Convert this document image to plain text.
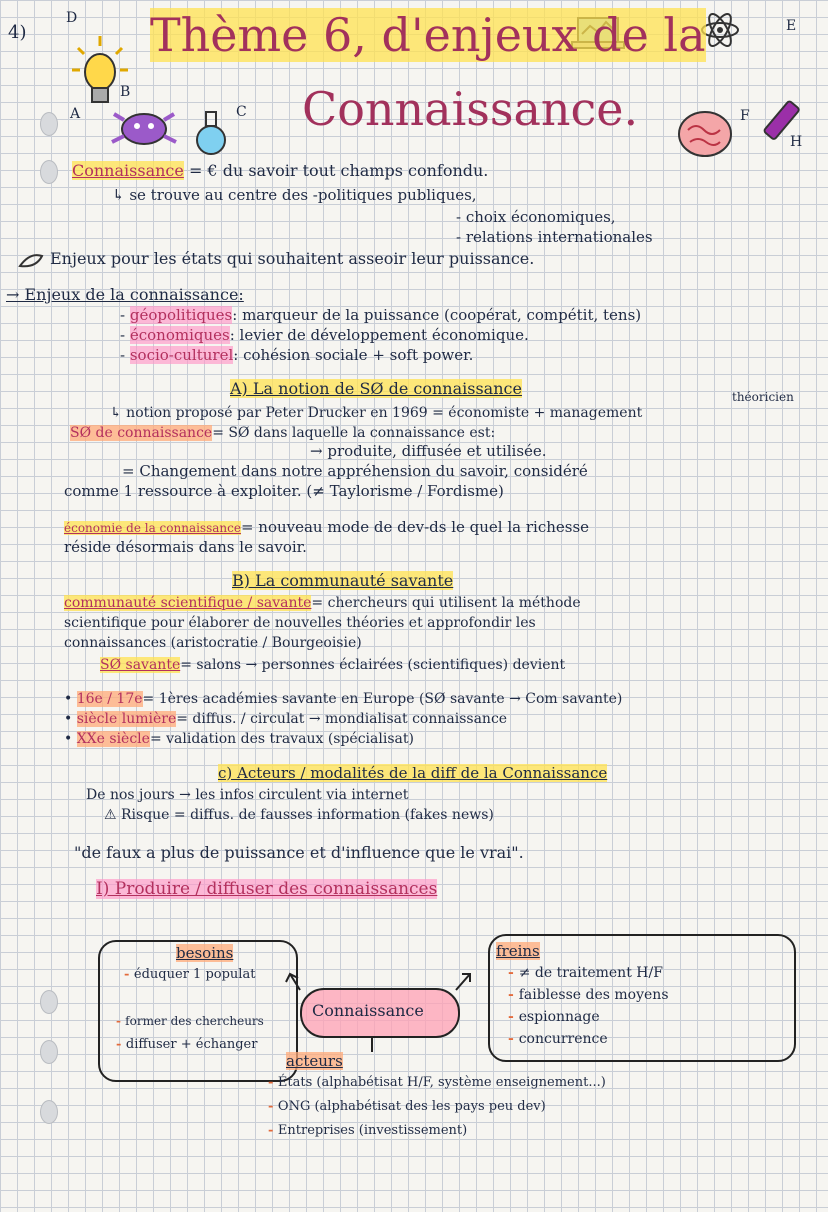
4)
D
A
B
C
E
F
H
Thème 6, d'enjeux de la
Connaissance.
Connaissance = € du savoir tout champs confondu.
↳ se trouve au centre des -politiques publiques,
- choix économiques,
- relations internationales
Enjeux pour les états qui souhaitent asseoir leur puissance.
→ Enjeux de la connaissance:
- géopolitiques: marqueur de la puissance (coopérat, compétit, tens)
- économiques: levier de développement économique.
- socio-culturel: cohésion sociale + soft power.
A) La notion de SØ de connaissance	théoricien
↳ notion proposé par Peter Drucker en 1969 = économiste + management
SØ de connaissance= SØ dans laquelle la connaissance est:
→ produite, diffusée et utilisée.
= Changement dans notre appréhension du savoir, considéré
comme 1 ressource à exploiter. (≠ Taylorisme / Fordisme)
économie de la connaissance= nouveau mode de dev-ds le quel la richesse
réside désormais dans le savoir.
B) La communauté savante
communauté scientifique / savante= chercheurs qui utilisent la méthode
scientifique pour élaborer de nouvelles théories et approfondir les
connaissances (aristocratie / Bourgeoisie)
SØ savante= salons → personnes éclairées (scientifiques) devient
• 16e / 17e= 1ères académies savante en Europe (SØ savante → Com savante)
• siècle lumière= diffus. / circulat → mondialisat connaissance
• XXe siècle= validation des travaux (spécialisat)
c) Acteurs / modalités de la diff de la Connaissance
De nos jours → les infos circulent via internet
⚠ Risque = diffus. de fausses information (fakes news)
"de faux a plus de puissance et d'influence que le vrai".
I) Produire / diffuser des connaissances
besoins
- éduquer 1 populat
- former des chercheurs
- diffuser + échanger
Connaissance
freins
- ≠ de traitement H/F
- faiblesse des moyens
- espionnage
- concurrence
acteurs
- États (alphabétisat H/F, système enseignement...)
- ONG (alphabétisat des les pays peu dev)
- Entreprises (investissement)
